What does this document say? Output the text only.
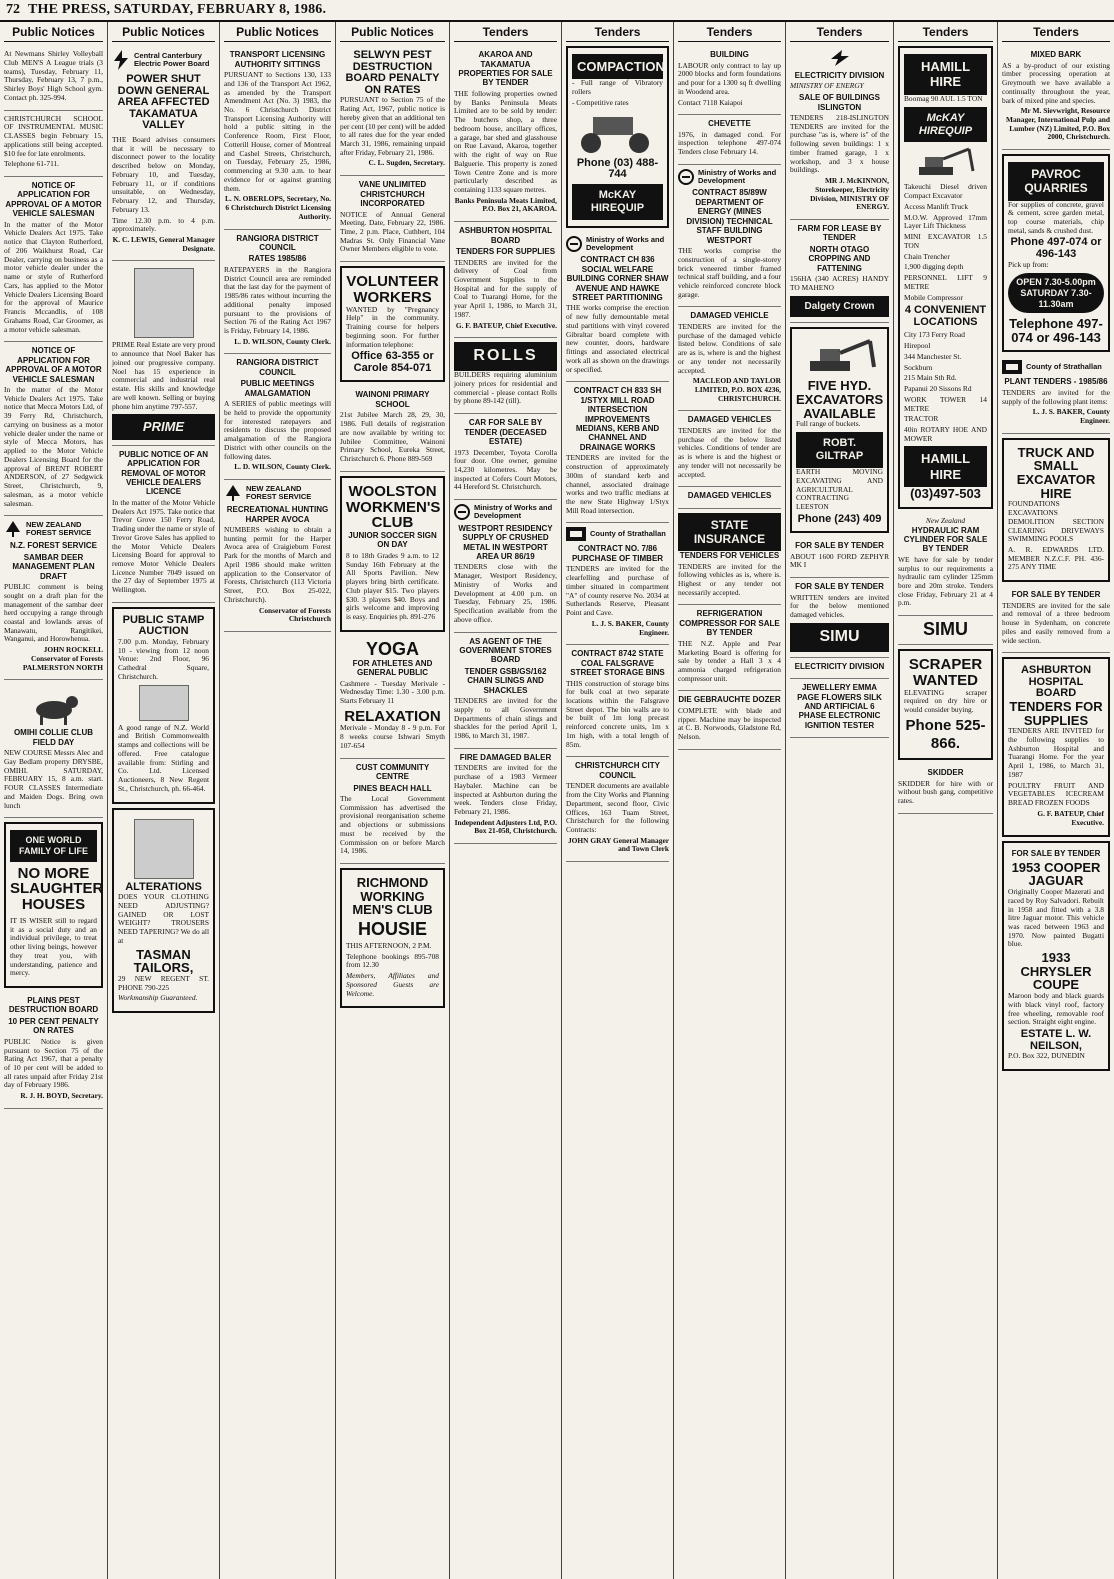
72 THE PRESS, SATURDAY, FEBRUARY 8, 1986.
Public Notices

At Newmans Shirley Volleyball Club MEN'S A League trials (3 teams), Tuesday, February 11, Thursday, February 13, 7 p.m., Shirley Boys' High School gym. Contact ph. 325-994.

CHRISTCHURCH SCHOOL OF INSTRUMENTAL MUSIC CLASSES begin February 15, applications still being accepted. $10 fee for late enrolments.

Telephone 61-711.

NOTICE OF APPLICATION FOR APPROVAL OF A MOTOR VEHICLE SALESMAN

In the matter of the Motor Vehicle Dealers Act 1975. Take notice that Clayton Rutherford, of 206 Waikhurst Road, Car Dealer, carrying on business as a motor vehicle dealer under the name or style of Rutherford Cars, has applied to the Motor Vehicle Dealers Licensing Board for the approval of Maurice Francis Mccandlis, of 108 Grahams Road, Car Groomer, as a motor vehicle salesman.

NOTICE OF APPLICATION FOR APPROVAL OF A MOTOR VEHICLE SALESMAN

In the matter of the Motor Vehicle Dealers Act 1975. Take notice that Mecca Motors Ltd, of 39 Ferry Rd, Christchurch, carrying on business as a motor vehicle dealer under the name or style of Mecca Motors, has applied to the Motor Vehicle Dealers Licensing Board for the approval of BRENT ROBERT ANDERSON, of 27 Sedgwick Street, Christchurch, 9, salesman, as a motor vehicle salesman.

NEW ZEALAND FOREST SERVICE
N.Z. FOREST SERVICE
SAMBAR DEER MANAGEMENT PLAN DRAFT

PUBLIC comment is being sought on a draft plan for the management of the sambar deer herd occupying a range through coastal and lowlands areas of Manawatu, Rangitikei, Wanganui, and Horowhenua.

JOHN ROCKELL Conservator of Forests PALMERSTON NORTH

OMIHI COLLIE CLUB FIELD DAY

NEW COURSE Messrs Alec and Gay Bedlam property DRYSBE, OMIHI. SATURDAY, FEBRUARY 15, 8 a.m. start. FOUR CLASSES Intermediate and Maiden Dogs. Bring own lunch

ONE WORLD FAMILY OF LIFE
NO MORE SLAUGHTER HOUSES

IT IS WISER still to regard it as a social duty and an individual privilege, to treat other living beings, however they treat you, with understanding, patience and mercy.

PLAINS PEST DESTRUCTION BOARD
10 PER CENT PENALTY ON RATES

PUBLIC Notice is given pursuant to Section 75 of the Rating Act 1967, that a penalty of 10 per cent will be added to all rates unpaid after Friday 21st day of February 1986.

R. J. H. BOYD, Secretary.

Public Notices
Central Canterbury Electric Power Board
POWER SHUT DOWN GENERAL AREA AFFECTED TAKAMATUA VALLEY

THE Board advises consumers that it will be necessary to disconnect power to the locality described below on Monday, February 10, and Tuesday, February 11, or if conditions unsuitable, on Wednesday, February 12, and Thursday, February 13.

Time 12.30 p.m. to 4 p.m. approximately.

K. C. LEWIS, General Manager Designate.

PRIME Real Estate are very proud to announce that Noel Baker has joined our progressive company. Noel has 15 experience in commercial and industrial real estate. His skills and knowledge are well known. Selling or buying phone him anytime 797-557.

PRIME
PUBLIC NOTICE OF AN APPLICATION FOR REMOVAL OF MOTOR VEHICLE DEALERS LICENCE

In the matter of the Motor Vehicle Dealers Act 1975. Take notice that Trevor Grove 150 Ferry Road, Trading under the name or style of Trevor Grove Sales has applied to the Motor Vehicle Dealers Licensing Board for approval to remove Motor Vehicle Dealers Licence Number 7049 issued on the 27 day of September 1975 at Wellington.

PUBLIC STAMP AUCTION

7.00 p.m. Monday, February 10 - viewing from 12 noon Venue: 2nd Floor, 96 Cathedral Square, Christchurch.

A good range of N.Z. World and British Commonwealth stamps and collections will be offered. Free catalogue available from: Stirling and Co. Ltd. Licensed Auctioneers, 8 New Regent St., Christchurch, ph. 66-464.

ALTERATIONS

DOES YOUR CLOTHING NEED ADJUSTING? GAINED OR LOST WEIGHT? TROUSERS NEED TAPERING? We do all at

TASMAN TAILORS,

29 NEW REGENT ST. PHONE 790-225

Workmanship Guaranteed.

Public Notices
TRANSPORT LICENSING AUTHORITY SITTINGS

PURSUANT to Sections 130, 133 and 136 of the Transport Act 1962, as amended by the Transport Amendment Act (No. 3) 1983, the No. 6 Christchurch District Transport Licensing Authority will hold a public sitting in the Conference Room, First Floor, Cotterill House, corner of Montreal and Cashel Streets, Christchurch, on Tuesday, February 25, 1986, commencing at 9.30 a.m. to hear evidence for or against granting them.

L. N. OBERLOPS, Secretary, No. 6 Christchurch District Licensing Authority.

RANGIORA DISTRICT COUNCIL
RATES 1985/86

RATEPAYERS in the Rangiora District Council area are reminded that the last day for the payment of 1985/86 rates without incurring the additional penalty imposed pursuant to the provisions of Section 76 of the Rating Act 1967 is Friday, February 14, 1986.

L. D. WILSON, County Clerk.

RANGIORA DISTRICT COUNCIL
PUBLIC MEETINGS AMALGAMATION

A SERIES of public meetings will be held to provide the opportunity for interested ratepayers and residents to discuss the proposed amalgamation of the Rangiora District with other councils on the following dates.

L. D. WILSON, County Clerk.

NEW ZEALAND FOREST SERVICE
RECREATIONAL HUNTING HARPER AVOCA

NUMBERS wishing to obtain a hunting permit for the Harper Avoca area of Craigieburn Forest Park for the months of March and April 1986 should make written application to the Conservator of Forests, Christchurch (113 Victoria Street, P.O. Box 25-022, Christchurch).

Conservator of Forests Christchurch

Public Notices
SELWYN PEST DESTRUCTION BOARD PENALTY ON RATES

PURSUANT to Section 75 of the Rating Act, 1967, public notice is hereby given that an additional ten per cent (10 per cent) will be added to all rates due for the year ended March 31, 1986, remaining unpaid after Friday, February 21, 1986.

C. L. Sugden, Secretary.

VANE UNLIMITED CHRISTCHURCH INCORPORATED

NOTICE of Annual General Meeting. Date, February 22, 1986. Time, 2 p.m. Place, Cuthbert, 104 Madras St. Only Financial Vane Owner Members eligible to vote.

VOLUNTEER WORKERS

WANTED by "Pregnancy Help" in the community. Training course for helpers beginning soon. For further information telephone:

Office 63-355 or Carole 854-071
WAINONI PRIMARY SCHOOL

21st Jubilee March 28, 29, 30, 1986. Full details of registration are now available by writing to: Jubilee Committee, Wainoni Primary School, Eureka Street, Christchurch 6. Phone 889-569

WOOLSTON WORKMEN'S CLUB
JUNIOR SOCCER SIGN ON DAY

8 to 18th Grades 9 a.m. to 12 Sunday 16th February at the All Sports Pavilion. New players bring birth certificate. Club player $15. Two players $30. 3 players $40. Boys and girls welcome and improving is easy. Enquiries ph. 891-276

YOGA
FOR ATHLETES AND GENERAL PUBLIC

Cashmere - Tuesday Merivale - Wednesday Time: 1.30 - 3.00 p.m. Starts February 11

RELAXATION

Merivale - Monday 8 - 9 p.m. For 8 weeks course Ishwari Smyth 107-654

CUST COMMUNITY CENTRE
PINES BEACH HALL

The Local Government Commission has advertised the provisional reorganisation scheme and objections or submissions must be received by the Commission on or before March 14, 1986.

RICHMOND WORKING MEN'S CLUB
HOUSIE

THIS AFTERNOON, 2 P.M.

Telephone bookings 895-708 from 12.30

Members, Affiliates and Sponsored Guests are Welcome.

Tenders
AKAROA AND TAKAMATUA PROPERTIES FOR SALE BY TENDER

THE following properties owned by Banks Peninsula Meats Limited are to be sold by tender: The butchers shop, a three bedroom house, ancillary offices, a garage, bar shed and glasshouse on Rue Lavaud, Akaroa, together with the right of way on Rue Balguerie. This property is zoned Town Centre Zone and is more particularly described as containing 1133 square metres.

Banks Peninsula Meats Limited, P.O. Box 21, AKAROA.

ASHBURTON HOSPITAL BOARD
TENDERS FOR SUPPLIES

TENDERS are invited for the delivery of Coal from Government Supplies to the Hospital and for the supply of Coal to Tuarangi Home, for the year April 1, 1986, to March 31, 1987.

G. F. BATEUP, Chief Executive.

ROLLS

BUILDERS requiring aluminium joinery prices for residential and commercial - please contact Rolls by phone 89-142 (till).

CAR FOR SALE BY TENDER (DECEASED ESTATE)

1973 December, Toyota Corolla four door. One owner, genuine 14,230 kilometres. May be inspected at Cofers Court Motors, 44 Hereford St. Christchurch.

Ministry of Works and Development
WESTPORT RESIDENCY SUPPLY OF CRUSHED METAL IN WESTPORT AREA UR 86/19

TENDERS close with the Manager, Westport Residency, Ministry of Works and Development at 4.00 p.m. on Tuesday, February 25, 1986. Specification available from the above office.

AS AGENT OF THE GOVERNMENT STORES BOARD
TENDER GSB/GS/162 CHAIN SLINGS AND SHACKLES

TENDERS are invited for the supply to all Government Departments of chain slings and shackles for the period April 1, 1986, to March 31, 1987.

FIRE DAMAGED BALER

TENDERS are invited for the purchase of a 1983 Vermeer Haybaler. Machine can be inspected at Ashburton during the week. Tenders close Friday, February 21, 1986.

Independent Adjusters Ltd, P.O. Box 21-058, Christchurch.

Tenders
COMPACTION

- Full range of Vibratory rollers

- Competitive rates

Phone (03) 488-744
McKAY HIREQUIP
Ministry of Works and Development
CONTRACT CH 836 SOCIAL WELFARE BUILDING CORNER SHAW AVENUE AND HAWKE STREET PARTITIONING

THE works comprise the erection of new fully demountable metal stud partitions with vinyl covered Gibraltar board complete with new counter, doors, hardware fittings and associated electrical work all as shown on the drawings or specified.

CONTRACT CH 833 SH 1/STYX MILL ROAD INTERSECTION IMPROVEMENTS MEDIANS, KERB AND CHANNEL AND DRAINAGE WORKS

TENDERS are invited for the construction of approximately 300m of standard kerb and channel, associated drainage works and two traffic medians at the new State Highway 1/Styx Mill Road intersection.

County of Strathallan
CONTRACT NO. 7/86 PURCHASE OF TIMBER

TENDERS are invited for the clearfelling and purchase of timber situated in compartment "A" of county reserve No. 2034 at Sutherlands Reserve, Pleasant Point and Cave.

L. J. S. BAKER, County Engineer.

CONTRACT 8742 STATE COAL FALSGRAVE STREET STORAGE BINS

THIS construction of storage bins for bulk coal at two separate locations within the Falsgrave Street depot. The bin walls are to be built of 1m long precast reinforced concrete units, 1m x 1m high, with a total length of 85m.

CHRISTCHURCH CITY COUNCIL

TENDER documents are available from the City Works and Planning Department, second floor, Civic Offices, 163 Tuam Street, Christchurch for the following Contracts:

JOHN GRAY General Manager and Town Clerk

Tenders
BUILDING

LABOUR only contract to lay up 2000 blocks and form foundations and pour for a 1300 sq ft dwelling in Woodend area.

Contact 7118 Kaiapoi

CHEVETTE

1976, in damaged cond. For inspection telephone 497-074 Tenders close February 14.

Ministry of Works and Development
CONTRACT 85/89W DEPARTMENT OF ENERGY (MINES DIVISION) TECHNICAL STAFF BUILDING WESTPORT

THE works comprise the construction of a single-storey brick veneered timber framed technical staff building, and a four vehicle reinforced concrete block garage.

DAMAGED VEHICLE

TENDERS are invited for the purchase of the damaged vehicle listed below. Conditions of sale are as is, where is and the highest or any tender not necessarily accepted.

MACLEOD AND TAYLOR LIMITED, P.O. BOX 4236, CHRISTCHURCH.

DAMAGED VEHICLES

TENDERS are invited for the purchase of the below listed vehicles. Conditions of tender are as is where is and the highest or any tender will not necessarily be accepted.

DAMAGED VEHICLES
STATE INSURANCE
TENDERS FOR VEHICLES

TENDERS are invited for the following vehicles as is, where is. Highest or any tender not necessarily accepted.

REFRIGERATION COMPRESSOR FOR SALE BY TENDER

THE N.Z. Apple and Pear Marketing Board is offering for sale by tender a Hall 3 x 4 ammonia charged refrigeration compressor unit.

DIE GEBRAUCHTE DOZER

COMPLETE with blade and ripper. Machine may be inspected at C. B. Norwoods, Gladstone Rd, Nelson.

Tenders
ELECTRICITY DIVISION

MINISTRY OF ENERGY

SALE OF BUILDINGS ISLINGTON

TENDERS 218-ISLINGTON TENDERS are invited for the purchase "as is, where is" of the following seven buildings: 1 x timber framed garage, 1 x workshop, and 3 x house buildings.

MR J. McKINNON, Storekeeper, Electricity Division, MINISTRY OF ENERGY.

FARM FOR LEASE BY TENDER
NORTH OTAGO CROPPING AND FATTENING

156HA (340 ACRES) HANDY TO MAHENO

Dalgety Crown
FIVE HYD. EXCAVATORS AVAILABLE

Full range of buckets.

ROBT. GILTRAP

EARTH MOVING EXCAVATING AND AGRICULTURAL CONTRACTING LEESTON

Phone (243) 409
FOR SALE BY TENDER

ABOUT 1600 FORD ZEPHYR MK I

FOR SALE BY TENDER

WRITTEN tenders are invited for the below mentioned damaged vehicles.

SIMU
ELECTRICITY DIVISION
JEWELLERY EMMA PAGE FLOWERS SILK AND ARTIFICIAL 6 PHASE ELECTRONIC IGNITION TESTER
Tenders
HAMILL HIRE

Boomag 90 AUL 1.5 TON

McKAY HIREQUIP

Takeuchi Diesel driven Compact Excavator

Access Manlift Truck

M.O.W. Approved 17mm Layer Lift Thickness

MINI EXCAVATOR 1.5 TON

Chain Trencher

1,900 digging depth

PERSONNEL LIFT 9 METRE

Mobile Compressor

4 CONVENIENT LOCATIONS

City 173 Ferry Road

Hirepool

344 Manchester St.

Sockburn

215 Main Sth Rd.

Papanui 20 Sissons Rd

WORK TOWER 14 METRE

TRACTOR

40in ROTARY HOE AND MOWER

HAMILL HIRE
(03)497-503
New Zealand
HYDRAULIC RAM CYLINDER FOR SALE BY TENDER

WE have for sale by tender surplus to our requirements a hydraulic ram cylinder 125mm bore and 20m stroke. Tenders close Friday, February 21 at 4 p.m.

SIMU
SCRAPER WANTED

ELEVATING scraper required on dry hire or would consider buying.

Phone 525-866.
SKIDDER

SKIDDER for hire with or without bush gang, competitive rates.

Tenders
MIXED BARK

AS a by-product of our existing timber processing operation at Greymouth we have available a continually throughout the year, bark of mixed pine and species.

Mr M. Sievwright, Resource Manager, International Pulp and Lumber (NZ) Limited, P.O. Box 2000, Christchurch.

PAVROC QUARRIES

For supplies of concrete, gravel & cement, scree garden metal, top course materials, chip metal, sands & crushed dust.

Phone 497-074 or 496-143

Pick up from:

OPEN 7.30-5.00pm SATURDAY 7.30-11.30am
Telephone 497-074 or 496-143
County of Strathallan
PLANT TENDERS - 1985/86

TENDERS are invited for the supply of the following plant items:

L. J. S. BAKER, County Engineer.

TRUCK AND SMALL EXCAVATOR HIRE

FOUNDATIONS EXCAVATIONS DEMOLITION SECTION CLEARING DRIVEWAYS SWIMMING POOLS

A. R. EDWARDS LTD. MEMBER N.Z.C.F. PH. 436-275 ANY TIME

FOR SALE BY TENDER

TENDERS are invited for the sale and removal of a three bedroom house in Sydenham, on concrete piles and easily removed from a wide section.

ASHBURTON HOSPITAL BOARD
TENDERS FOR SUPPLIES

TENDERS ARE INVITED for the following supplies to Ashburton Hospital and Tuarangi Home. For the year April 1, 1986, to March 31, 1987

POULTRY FRUIT AND VEGETABLES ICECREAM BREAD FROZEN FOODS

G. F. BATEUP, Chief Executive.

FOR SALE BY TENDER
1953 COOPER JAGUAR

Originally Cooper Mazerati and raced by Roy Salvadori. Rebuilt in 1958 and fitted with a 3.8 litre Jaguar motor. This vehicle was raced between 1963 and 1970. Now painted Bugatti blue.

1933 CHRYSLER COUPE

Maroon body and black guards with black vinyl roof, factory free wheeling, removable roof section. Straight eight engine.

ESTATE L. W. NEILSON,

P.O. Box 322, DUNEDIN
